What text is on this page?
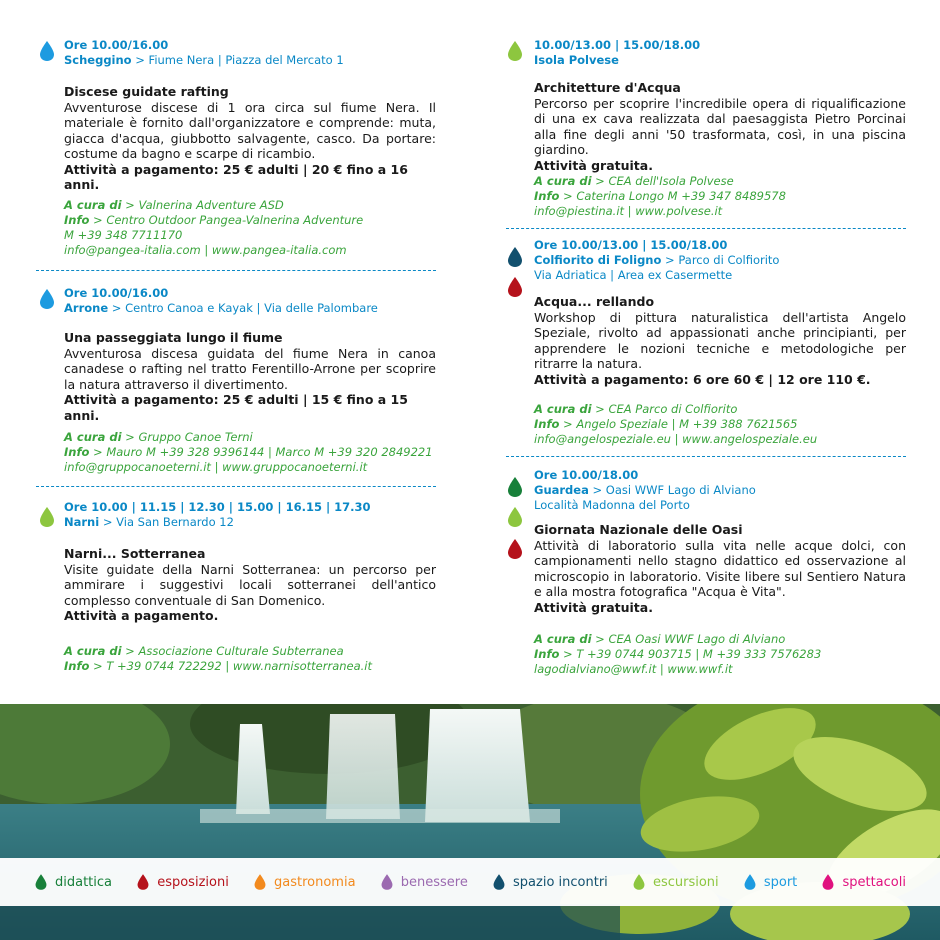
Ore 10.00/16.00
Scheggino > Fiume Nera | Piazza del Mercato 1
Discese guidate rafting
Avventurose discese di 1 ora circa sul fiume Nera. Il materiale è fornito dall'organizzatore e comprende: muta, giacca d'acqua, giubbotto salvagente, casco. Da portare: costume da bagno e scarpe di ricambio.
Attività a pagamento: 25 € adulti | 20 € fino a 16 anni.
A cura di > Valnerina Adventure ASD
Info > Centro Outdoor Pangea-Valnerina Adventure
M +39 348 7711170
info@pangea-italia.com | www.pangea-italia.com
Ore 10.00/16.00
Arrone > Centro Canoa e Kayak | Via delle Palombare
Una passeggiata lungo il fiume
Avventurosa discesa guidata del fiume Nera in canoa canadese o rafting nel tratto Ferentillo-Arrone per scoprire la natura attraverso il divertimento.
Attività a pagamento: 25 € adulti | 15 € fino a 15 anni.
A cura di > Gruppo Canoe Terni
Info > Mauro M +39 328 9396144 | Marco M +39 320 2849221
info@gruppocanoeterni.it | www.gruppocanoeterni.it
Ore 10.00 | 11.15 | 12.30 | 15.00 | 16.15 | 17.30
Narni > Via San Bernardo 12
Narni... Sotterranea
Visite guidate della Narni Sotterranea: un percorso per ammirare i suggestivi locali sotterranei dell'antico complesso conventuale di San Domenico.
Attività a pagamento.
A cura di > Associazione Culturale Subterranea
Info > T +39 0744 722292 | www.narnisotterranea.it
10.00/13.00 | 15.00/18.00
Isola Polvese
Architetture d'Acqua
Percorso per scoprire l'incredibile opera di riqualificazione di una ex cava realizzata dal paesaggista Pietro Porcinai alla fine degli anni '50 trasformata, così, in una piscina giardino.
Attività gratuita.
A cura di > CEA dell'Isola Polvese
Info > Caterina Longo M +39 347 8489578
info@piestina.it | www.polvese.it
Ore 10.00/13.00 | 15.00/18.00
Colfiorito di Foligno > Parco di Colfiorito
Via Adriatica | Area ex Casermette
Acqua... rellando
Workshop di pittura naturalistica dell'artista Angelo Speziale, rivolto ad appassionati anche principianti, per apprendere le nozioni tecniche e metodologiche per ritrarre la natura.
Attività a pagamento: 6 ore 60 € | 12 ore 110 €.
A cura di > CEA Parco di Colfiorito
Info > Angelo Speziale | M +39 388 7621565
info@angelospeziale.eu | www.angelospeziale.eu
Ore 10.00/18.00
Guardea > Oasi WWF Lago di Alviano
Località Madonna del Porto
Giornata Nazionale delle Oasi
Attività di laboratorio sulla vita nelle acque dolci, con campionamenti nello stagno didattico ed osservazione al microscopio in laboratorio. Visite libere sul Sentiero Natura e alla mostra fotografica "Acqua è Vita".
Attività gratuita.
A cura di > CEA Oasi WWF Lago di Alviano
Info > T +39 0744 903715 | M +39 333 7576283
lagodialviano@wwf.it | www.wwf.it
didattica	esposizioni	gastronomia	benessere	spazio incontri	escursioni	sport	spettacoli
